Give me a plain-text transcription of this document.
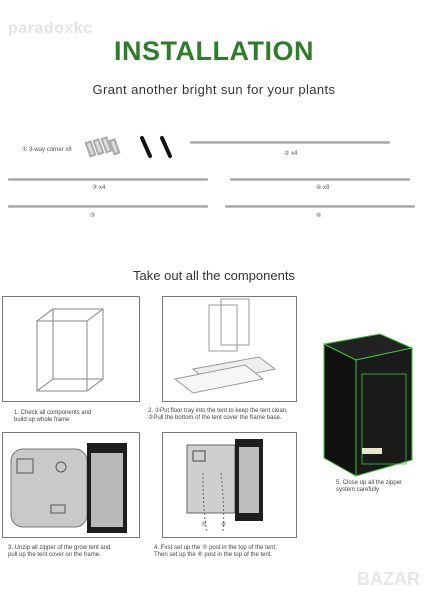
paradoxkc
INSTALLATION
Grant another bright sun for your plants
① 3-way corner x8
② x4
③ x4	④ x8
⑤	⑥
Take out all the components
1. Check all components and
build up whole frame
2. ①Put floor tray into the tent to keep the tent clean.
②Pull the bottom of the tent cover the frame base.
3. Unzip all zipper of the grow tent and
pull up the tent cover on the frame.
⑤ ⑥
4. First set up the ⑤ post in the top of the tent.
Then set up the ⑥ post in the top of the tent.
5. Close up all the zipper
system carefully
BAZAR
